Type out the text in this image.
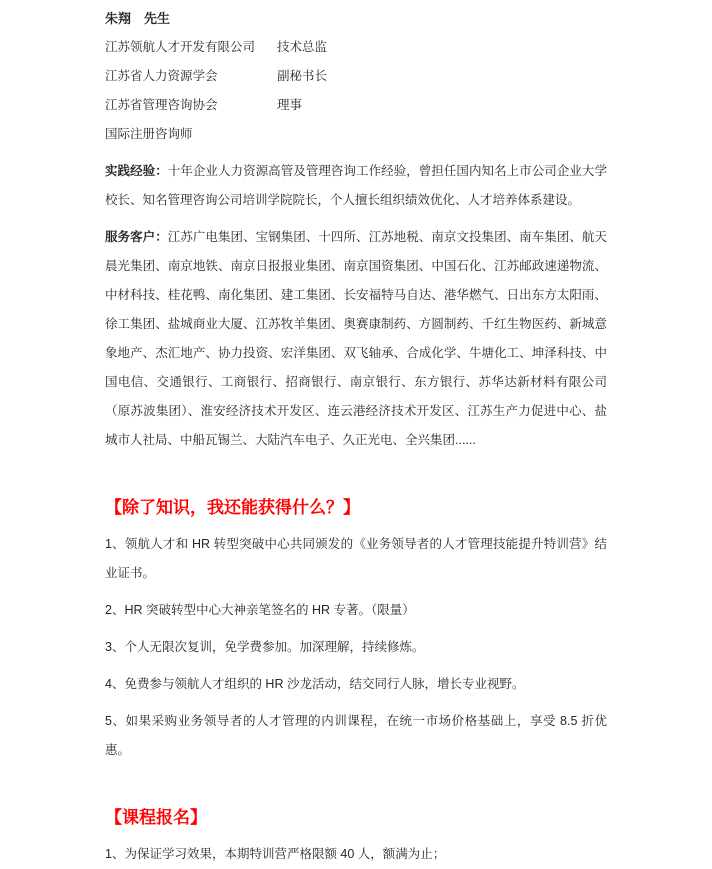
朱翔　先生
江苏领航人才开发有限公司 技术总监
江苏省人力资源学会	副秘书长
江苏省管理咨询协会	理事
国际注册咨询师

实践经验：十年企业人力资源高管及管理咨询工作经验，曾担任国内知名上市公司企业大学校长、知名管理咨询公司培训学院院长，个人擅长组织绩效优化、人才培养体系建设。

服务客户：江苏广电集团、宝钢集团、十四所、江苏地税、南京文投集团、南车集团、航天晨光集团、南京地铁、南京日报报业集团、南京国资集团、中国石化、江苏邮政速递物流、中材科技、桂花鸭、南化集团、建工集团、长安福特马自达、港华燃气、日出东方太阳雨、徐工集团、盐城商业大厦、江苏牧羊集团、奥赛康制药、方圆制药、千红生物医药、新城意象地产、杰汇地产、协力投资、宏洋集团、双飞轴承、合成化学、牛塘化工、坤泽科技、中国电信、交通银行、工商银行、招商银行、南京银行、东方银行、苏华达新材料有限公司（原苏波集团）、淮安经济技术开发区、连云港经济技术开发区、江苏生产力促进中心、盐城市人社局、中船瓦锡兰、大陆汽车电子、久正光电、全兴集团......

【除了知识，我还能获得什么？】

1、领航人才和 HR 转型突破中心共同颁发的《业务领导者的人才管理技能提升特训营》结业证书。

2、HR 突破转型中心大神亲笔签名的 HR 专著。（限量）

3、个人无限次复训，免学费参加。加深理解，持续修炼。

4、免费参与领航人才组织的 HR 沙龙活动，结交同行人脉，增长专业视野。

5、如果采购业务领导者的人才管理的内训课程，在统一市场价格基础上，享受 8.5 折优惠。

【课程报名】

1、为保证学习效果，本期特训营严格限额 40 人，额满为止；
